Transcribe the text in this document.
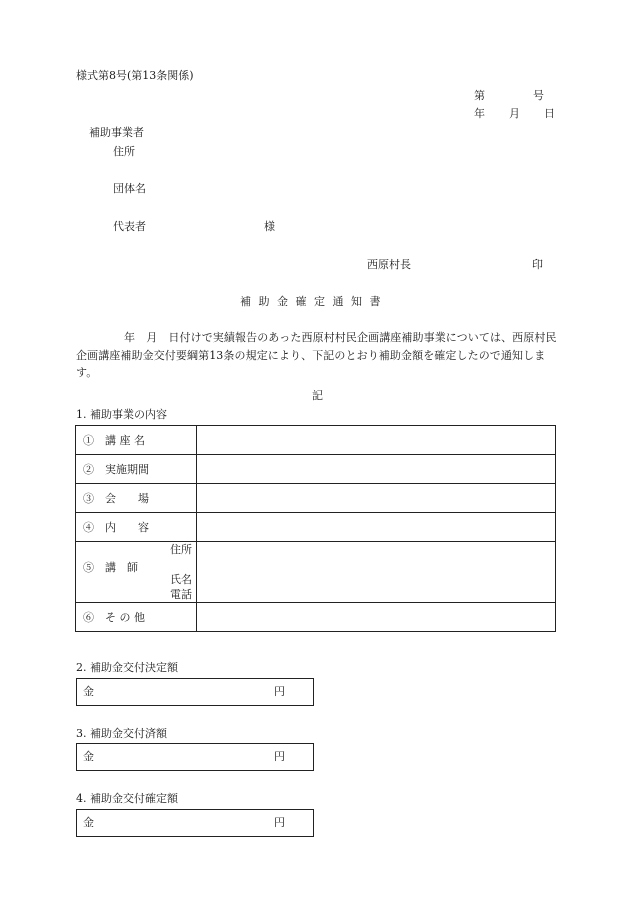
様式第8号(第13条関係)
第	号
年 月 日
補助事業者
住所
団体名
代表者	様
西原村長	印
補 助 金 確 定 通 知 書

年　月　日付けで実績報告のあった西原村村民企画講座補助事業については、西原村民企画講座補助金交付要綱第13条の規定により、下記のとおり補助金額を確定したので通知します。

記
1. 補助事業の内容
①　講 座 名	
②　実施期間	
③　会　　場	
④　内　　容	

⑤　講　師
住所
氏名
電話	

⑥　そ の 他	
2. 補助金交付決定額
金	円
3. 補助金交付済額
金	円
4. 補助金交付確定額
金	円
